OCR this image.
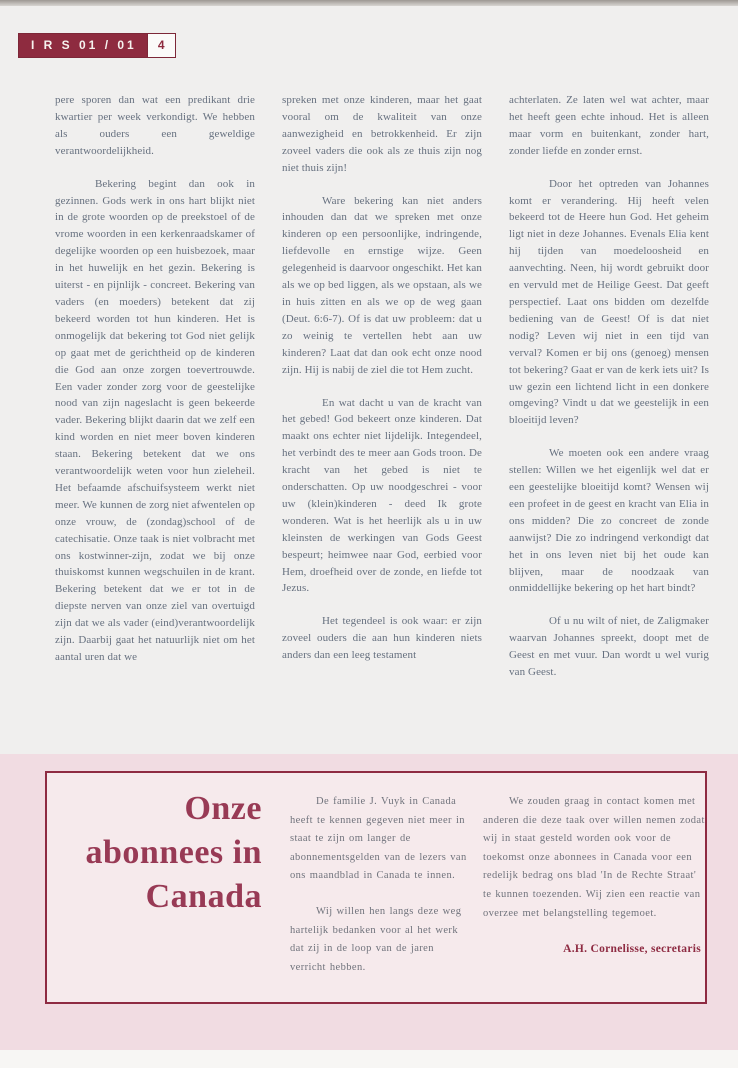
I R S 01 / 01	4

pere sporen dan wat een predikant drie kwartier per week verkondigt. We hebben als ouders een geweldige verantwoordelijkheid.

Bekering begint dan ook in gezinnen. Gods werk in ons hart blijkt niet in de grote woorden op de preekstoel of de vrome woorden in een kerkenraadskamer of degelijke woorden op een huisbezoek, maar in het huwelijk en het gezin. Bekering is uiterst - en pijnlijk - concreet. Bekering van vaders (en moeders) betekent dat zij bekeerd worden tot hun kinderen. Het is onmogelijk dat bekering tot God niet gelijk op gaat met de gerichtheid op de kinderen die God aan onze zorgen toevertrouwde. Een vader zonder zorg voor de geestelijke nood van zijn nageslacht is geen bekeerde vader. Bekering blijkt daarin dat we zelf een kind worden en niet meer boven kinderen staan. Bekering betekent dat we ons verantwoordelijk weten voor hun zieleheil. Het befaamde afschuifsysteem werkt niet meer. We kunnen de zorg niet afwentelen op onze vrouw, de (zondag)school of de catechisatie. Onze taak is niet volbracht met ons kostwinner-zijn, zodat we bij onze thuiskomst kunnen wegschuilen in de krant. Bekering betekent dat we er tot in de diepste nerven van onze ziel van overtuigd zijn dat we als vader (eind)verantwoordelijk zijn. Daarbij gaat het natuurlijk niet om het aantal uren dat we

spreken met onze kinderen, maar het gaat vooral om de kwaliteit van onze aanwezigheid en betrokkenheid. Er zijn zoveel vaders die ook als ze thuis zijn nog niet thuis zijn!

Ware bekering kan niet anders inhouden dan dat we spreken met onze kinderen op een persoonlijke, indringende, liefdevolle en ernstige wijze. Geen gelegenheid is daarvoor ongeschikt. Het kan als we op bed liggen, als we opstaan, als we in huis zitten en als we op de weg gaan (Deut. 6:6-7). Of is dat uw probleem: dat u zo weinig te vertellen hebt aan uw kinderen? Laat dat dan ook echt onze nood zijn. Hij is nabij de ziel die tot Hem zucht.

En wat dacht u van de kracht van het gebed! God bekeert onze kinderen. Dat maakt ons echter niet lijdelijk. Integendeel, het verbindt des te meer aan Gods troon. De kracht van het gebed is niet te onderschatten. Op uw noodgeschrei - voor uw (klein)kinderen - deed Ik grote wonderen. Wat is het heerlijk als u in uw kleinsten de werkingen van Gods Geest bespeurt; heimwee naar God, eerbied voor Hem, droefheid over de zonde, en liefde tot Jezus.

Het tegendeel is ook waar: er zijn zoveel ouders die aan hun kinderen niets anders dan een leeg testament

achterlaten. Ze laten wel wat achter, maar het heeft geen echte inhoud. Het is alleen maar vorm en buitenkant, zonder hart, zonder liefde en zonder ernst.

Door het optreden van Johannes komt er verandering. Hij heeft velen bekeerd tot de Heere hun God. Het geheim ligt niet in deze Johannes. Evenals Elia kent hij tijden van moedeloosheid en aanvechting. Neen, hij wordt gebruikt door en vervuld met de Heilige Geest. Dat geeft perspectief. Laat ons bidden om dezelfde bediening van de Geest! Of is dat niet nodig? Leven wij niet in een tijd van verval? Komen er bij ons (genoeg) mensen tot bekering? Gaat er van de kerk iets uit? Is uw gezin een lichtend licht in een donkere omgeving? Vindt u dat we geestelijk in een bloeitijd leven?

We moeten ook een andere vraag stellen: Willen we het eigenlijk wel dat er een geestelijke bloeitijd komt? Wensen wij een profeet in de geest en kracht van Elia in ons midden? Die zo concreet de zonde aanwijst? Die zo indringend verkondigt dat het in ons leven niet bij het oude kan blijven, maar de noodzaak van onmiddellijke bekering op het hart bindt?

Of u nu wilt of niet, de Zaligmaker waarvan Johannes spreekt, doopt met de Geest en met vuur. Dan wordt u wel vurig van Geest.

Onze abonnees in Canada

De familie J. Vuyk in Canada heeft te kennen gegeven niet meer in staat te zijn om langer de abonnementsgelden van de lezers van ons maandblad in Canada te innen.

Wij willen hen langs deze weg hartelijk bedanken voor al het werk dat zij in de loop van de jaren verricht hebben.

We zouden graag in contact komen met anderen die deze taak over willen nemen zodat wij in staat gesteld worden ook voor de toekomst onze abonnees in Canada voor een redelijk bedrag ons blad 'In de Rechte Straat' te kunnen toezenden. Wij zien een reactie van overzee met belangstelling tegemoet.

A.H. Cornelisse, secretaris
